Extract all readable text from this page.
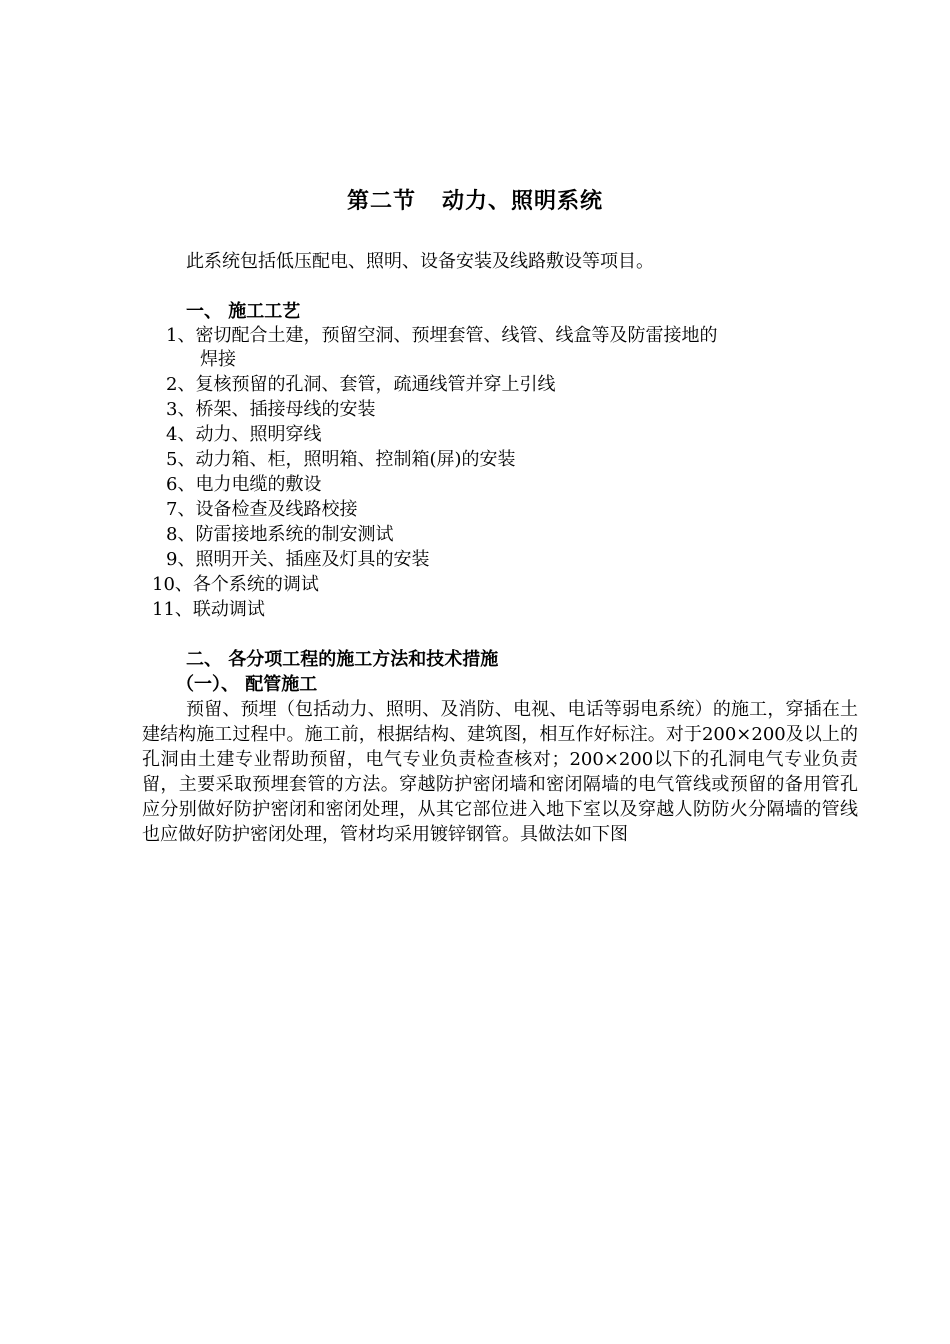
第二节   动力、照明系统
此系统包括低压配电、照明、设备安装及线路敷设等项目。
一、 施工工艺
1、密切配合土建，预留空洞、预埋套管、线管、线盒等及防雷接地的
焊接
2、复核预留的孔洞、套管，疏通线管并穿上引线
3、桥架、插接母线的安装
4、动力、照明穿线
5、动力箱、柜，照明箱、控制箱(屏)的安装
6、电力电缆的敷设
7、设备检查及线路校接
8、防雷接地系统的制安测试
9、照明开关、插座及灯具的安装
10、各个系统的调试
11、联动调试
二、 各分项工程的施工方法和技术措施
（一）、 配管施工
预留、预埋（包括动力、照明、及消防、电视、电话等弱电系统）的施工，穿插在土建结构施工过程中。施工前，根据结构、建筑图，相互作好标注。对于200×200及以上的孔洞由土建专业帮助预留，电气专业负责检查核对；200×200以下的孔洞电气专业负责留，主要采取预埋套管的方法。穿越防护密闭墙和密闭隔墙的电气管线或预留的备用管孔应分别做好防护密闭和密闭处理，从其它部位进入地下室以及穿越人防防火分隔墙的管线也应做好防护密闭处理，管材均采用镀锌钢管。具做法如下图
